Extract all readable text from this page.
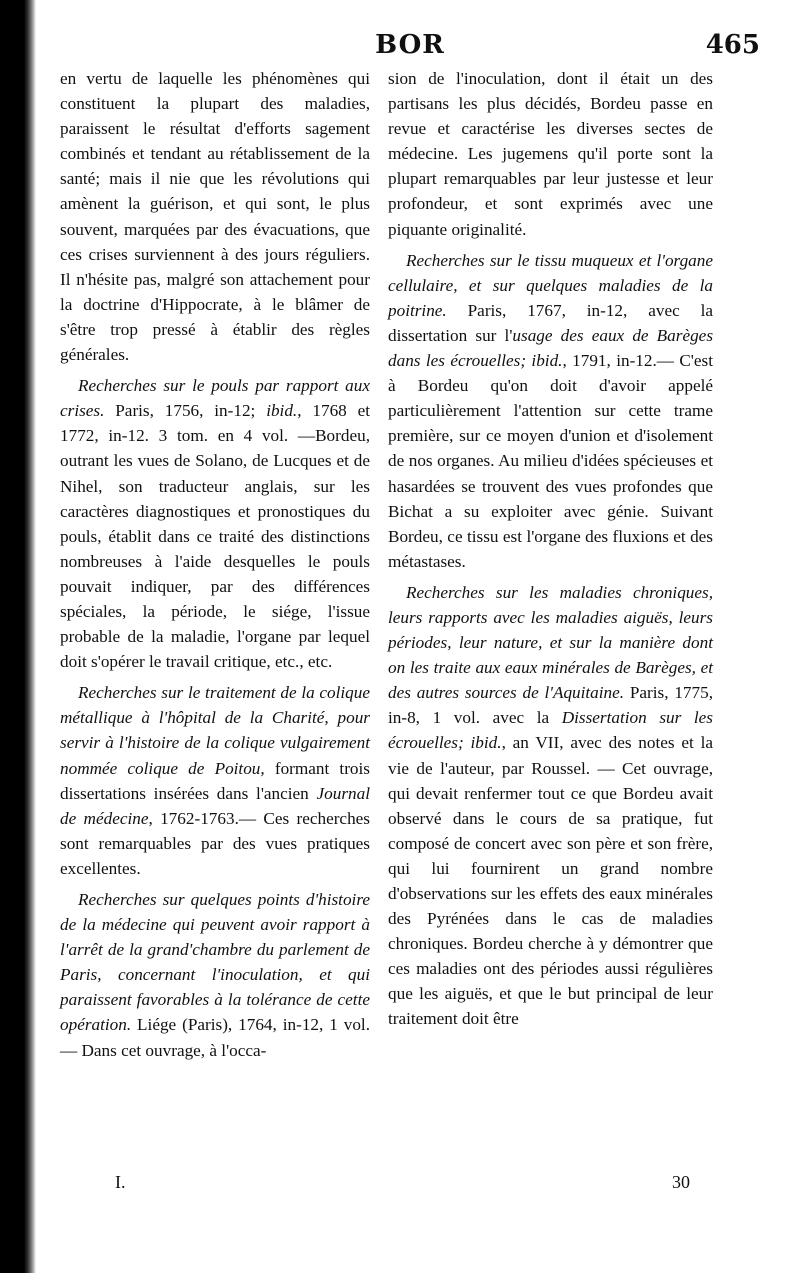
BOR	465

en vertu de laquelle les phénomènes qui constituent la plupart des maladies, paraissent le résultat d'efforts sagement combinés et tendant au rétablissement de la santé; mais il nie que les révolutions qui amènent la guérison, et qui sont, le plus souvent, marquées par des évacuations, que ces crises surviennent à des jours réguliers. Il n'hésite pas, malgré son attachement pour la doctrine d'Hippocrate, à le blâmer de s'être trop pressé à établir des règles générales.

Recherches sur le pouls par rapport aux crises. Paris, 1756, in-12; ibid., 1768 et 1772, in-12. 3 tom. en 4 vol. —Bordeu, outrant les vues de Solano, de Lucques et de Nihel, son traducteur anglais, sur les caractères diagnostiques et pronostiques du pouls, établit dans ce traité des distinctions nombreuses à l'aide desquelles le pouls pouvait indiquer, par des différences spéciales, la période, le siége, l'issue probable de la maladie, l'organe par lequel doit s'opérer le travail critique, etc., etc.

Recherches sur le traitement de la colique métallique à l'hôpital de la Charité, pour servir à l'histoire de la colique vulgairement nommée colique de Poitou, formant trois dissertations insérées dans l'ancien Journal de médecine, 1762-1763.— Ces recherches sont remarquables par des vues pratiques excellentes.

Recherches sur quelques points d'histoire de la médecine qui peuvent avoir rapport à l'arrêt de la grand'chambre du parlement de Paris, concernant l'inoculation, et qui paraissent favorables à la tolérance de cette opération. Liége (Paris), 1764, in-12, 1 vol. — Dans cet ouvrage, à l'occa-

sion de l'inoculation, dont il était un des partisans les plus décidés, Bordeu passe en revue et caractérise les diverses sectes de médecine. Les jugemens qu'il porte sont la plupart remarquables par leur justesse et leur profondeur, et sont exprimés avec une piquante originalité.

Recherches sur le tissu muqueux et l'organe cellulaire, et sur quelques maladies de la poitrine. Paris, 1767, in-12, avec la dissertation sur l'usage des eaux de Barèges dans les écrouelles; ibid., 1791, in-12.— C'est à Bordeu qu'on doit d'avoir appelé particulièrement l'attention sur cette trame première, sur ce moyen d'union et d'isolement de nos organes. Au milieu d'idées spécieuses et hasardées se trouvent des vues profondes que Bichat a su exploiter avec génie. Suivant Bordeu, ce tissu est l'organe des fluxions et des métastases.

Recherches sur les maladies chroniques, leurs rapports avec les maladies aiguës, leurs périodes, leur nature, et sur la manière dont on les traite aux eaux minérales de Barèges, et des autres sources de l'Aquitaine. Paris, 1775, in-8, 1 vol. avec la Dissertation sur les écrouelles; ibid., an VII, avec des notes et la vie de l'auteur, par Roussel. — Cet ouvrage, qui devait renfermer tout ce que Bordeu avait observé dans le cours de sa pratique, fut composé de concert avec son père et son frère, qui lui fournirent un grand nombre d'observations sur les effets des eaux minérales des Pyrénées dans le cas de maladies chroniques. Bordeu cherche à y démontrer que ces maladies ont des périodes aussi régulières que les aiguës, et que le but principal de leur traitement doit être

I.	30
